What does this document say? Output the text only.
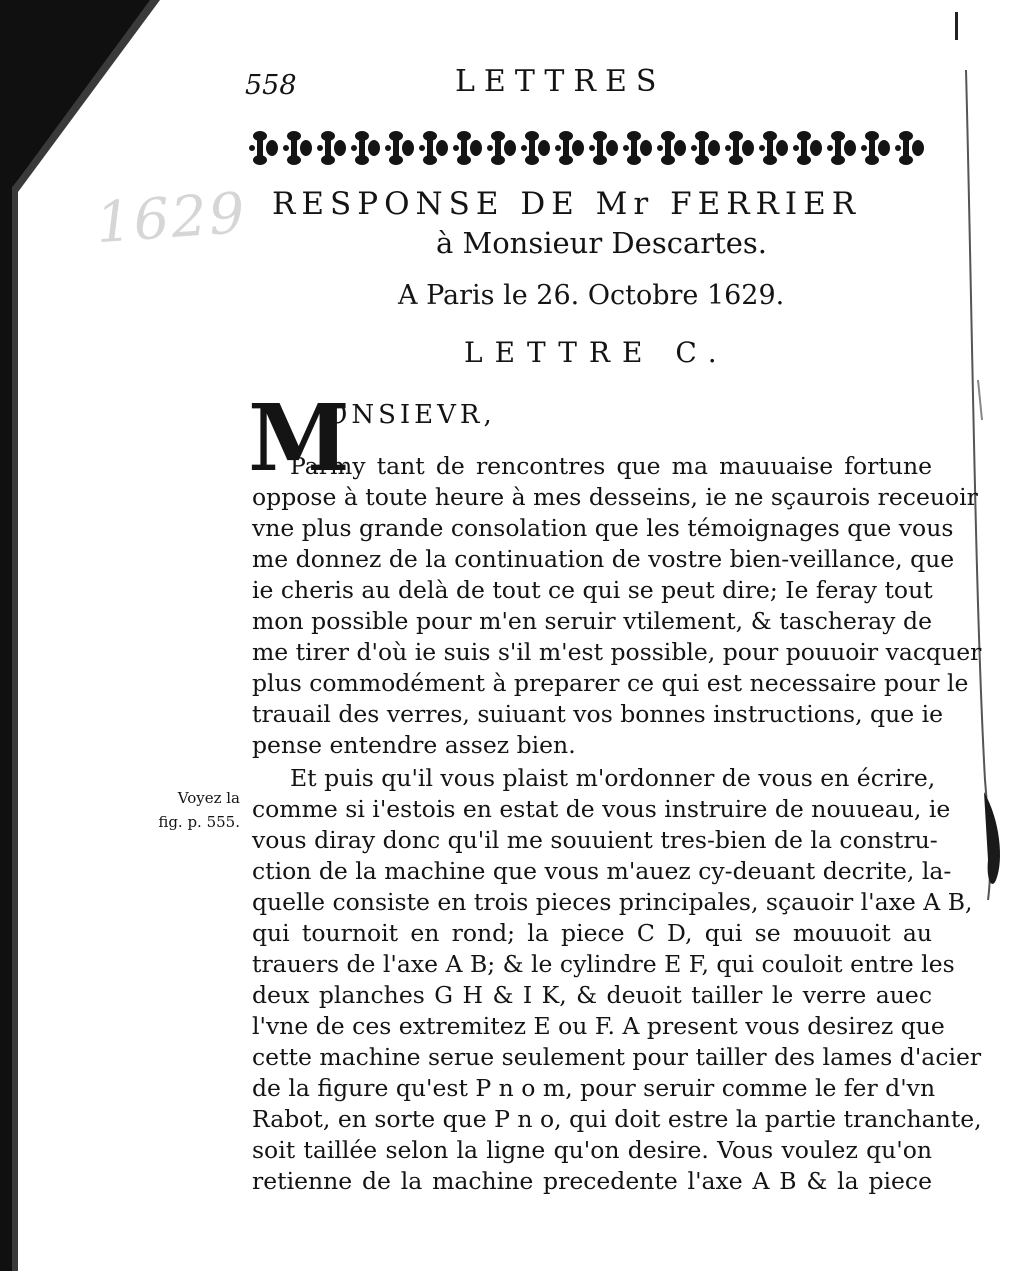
558	LETTRES
1629 RESPONSE DE Mr FERRIER
à Monsieur Descartes.
A Paris le 26. Octobre 1629.
LETTRE C.
M
ONSIEVR,
Voyez la
fig. p. 555.
Parmy tant de rencontres que ma mauuaise fortune
oppose à toute heure à mes desseins, ie ne sçaurois receuoir
vne plus grande consolation que les témoignages que vous
me donnez de la continuation de vostre bien-veillance, que
ie cheris au delà de tout ce qui se peut dire; Ie feray tout
mon possible pour m'en seruir vtilement, & tascheray de
me tirer d'où ie suis s'il m'est possible, pour pouuoir vacquer
plus commodément à preparer ce qui est necessaire pour le
trauail des verres, suiuant vos bonnes instructions, que ie
pense entendre assez bien.
Et puis qu'il vous plaist m'ordonner de vous en écrire,
comme si i'estois en estat de vous instruire de nouueau, ie
vous diray donc qu'il me souuient tres-bien de la constru-
ction de la machine que vous m'auez cy-deuant decrite, la-
quelle consiste en trois pieces principales, sçauoir l'axe A B,
qui tournoit en rond; la piece C D, qui se mouuoit au
trauers de l'axe A B; & le cylindre E F, qui couloit entre les
deux planches G H & I K, & deuoit tailler le verre auec
l'vne de ces extremitez E ou F. A present vous desirez que
cette machine serue seulement pour tailler des lames d'acier
de la figure qu'est P n o m, pour seruir comme le fer d'vn
Rabot, en sorte que P n o, qui doit estre la partie tranchante,
soit taillée selon la ligne qu'on desire. Vous voulez qu'on
retienne de la machine precedente l'axe A B & la piece
